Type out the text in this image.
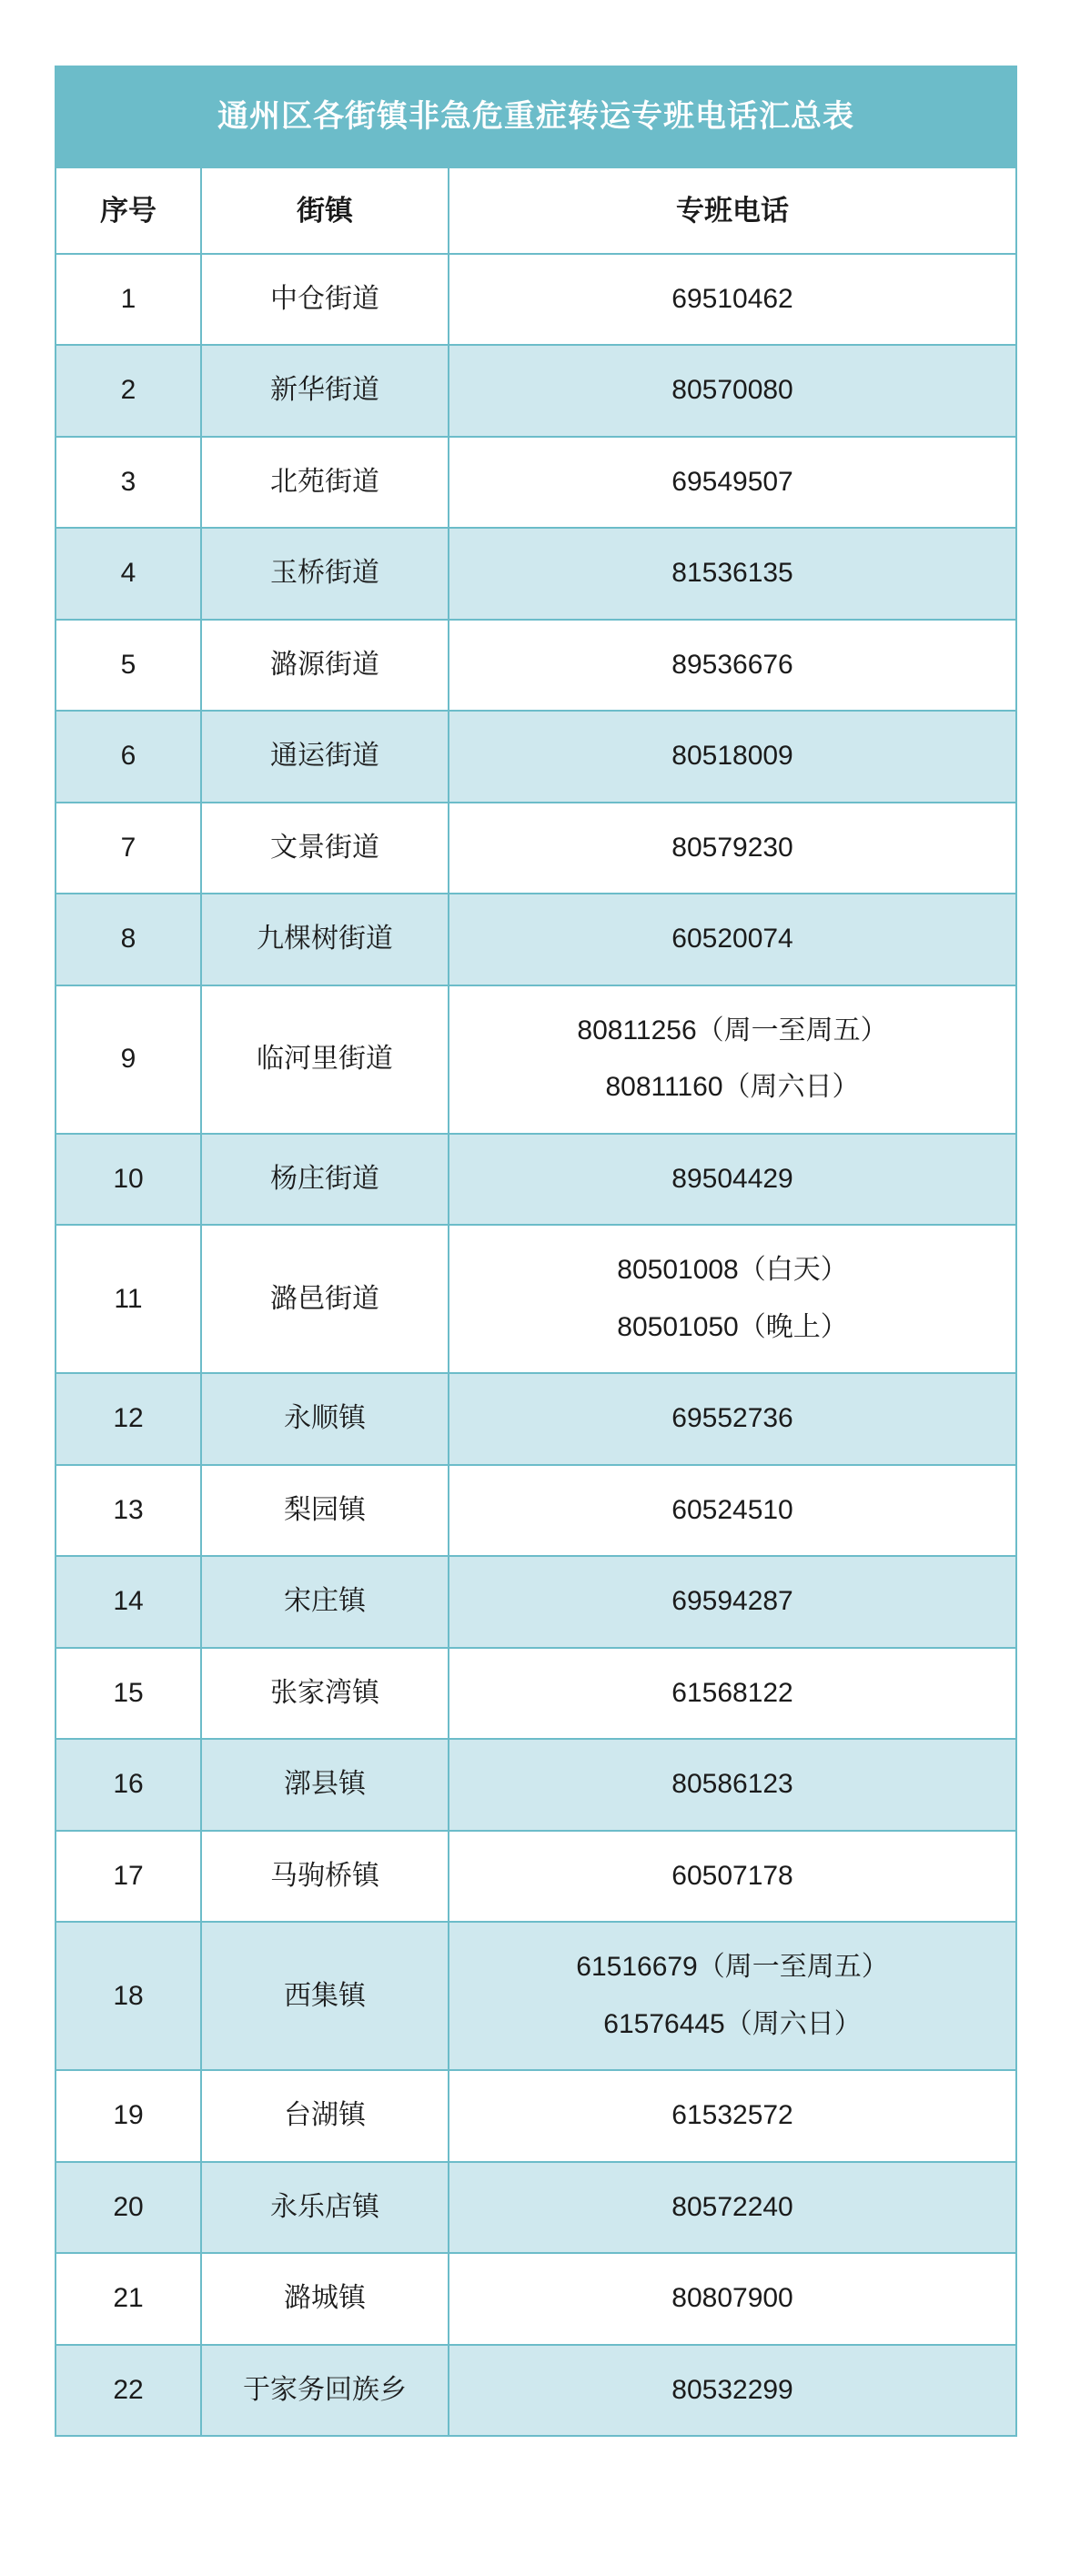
通州区各街镇非急危重症转运专班电话汇总表		
序号	街镇	专班电话
1	中仓街道	69510462

2	新华街道	80570080

3	北苑街道	69549507

4	玉桥街道	81536135

5	潞源街道	89536676

6	通运街道	80518009

7	文景街道	80579230

8	九棵树街道	60520074

9	临河里街道	80811256（周一至周五）
80811160（周六日）

10	杨庄街道	89504429

11	潞邑街道	80501008（白天）
80501050（晚上）

12	永顺镇	69552736

13	梨园镇	60524510

14	宋庄镇	69594287

15	张家湾镇	61568122

16	漷县镇	80586123

17	马驹桥镇	60507178

18	西集镇	61516679（周一至周五）
61576445（周六日）

19	台湖镇	61532572

20	永乐店镇	80572240

21	潞城镇	80807900

22	于家务回族乡	80532299
